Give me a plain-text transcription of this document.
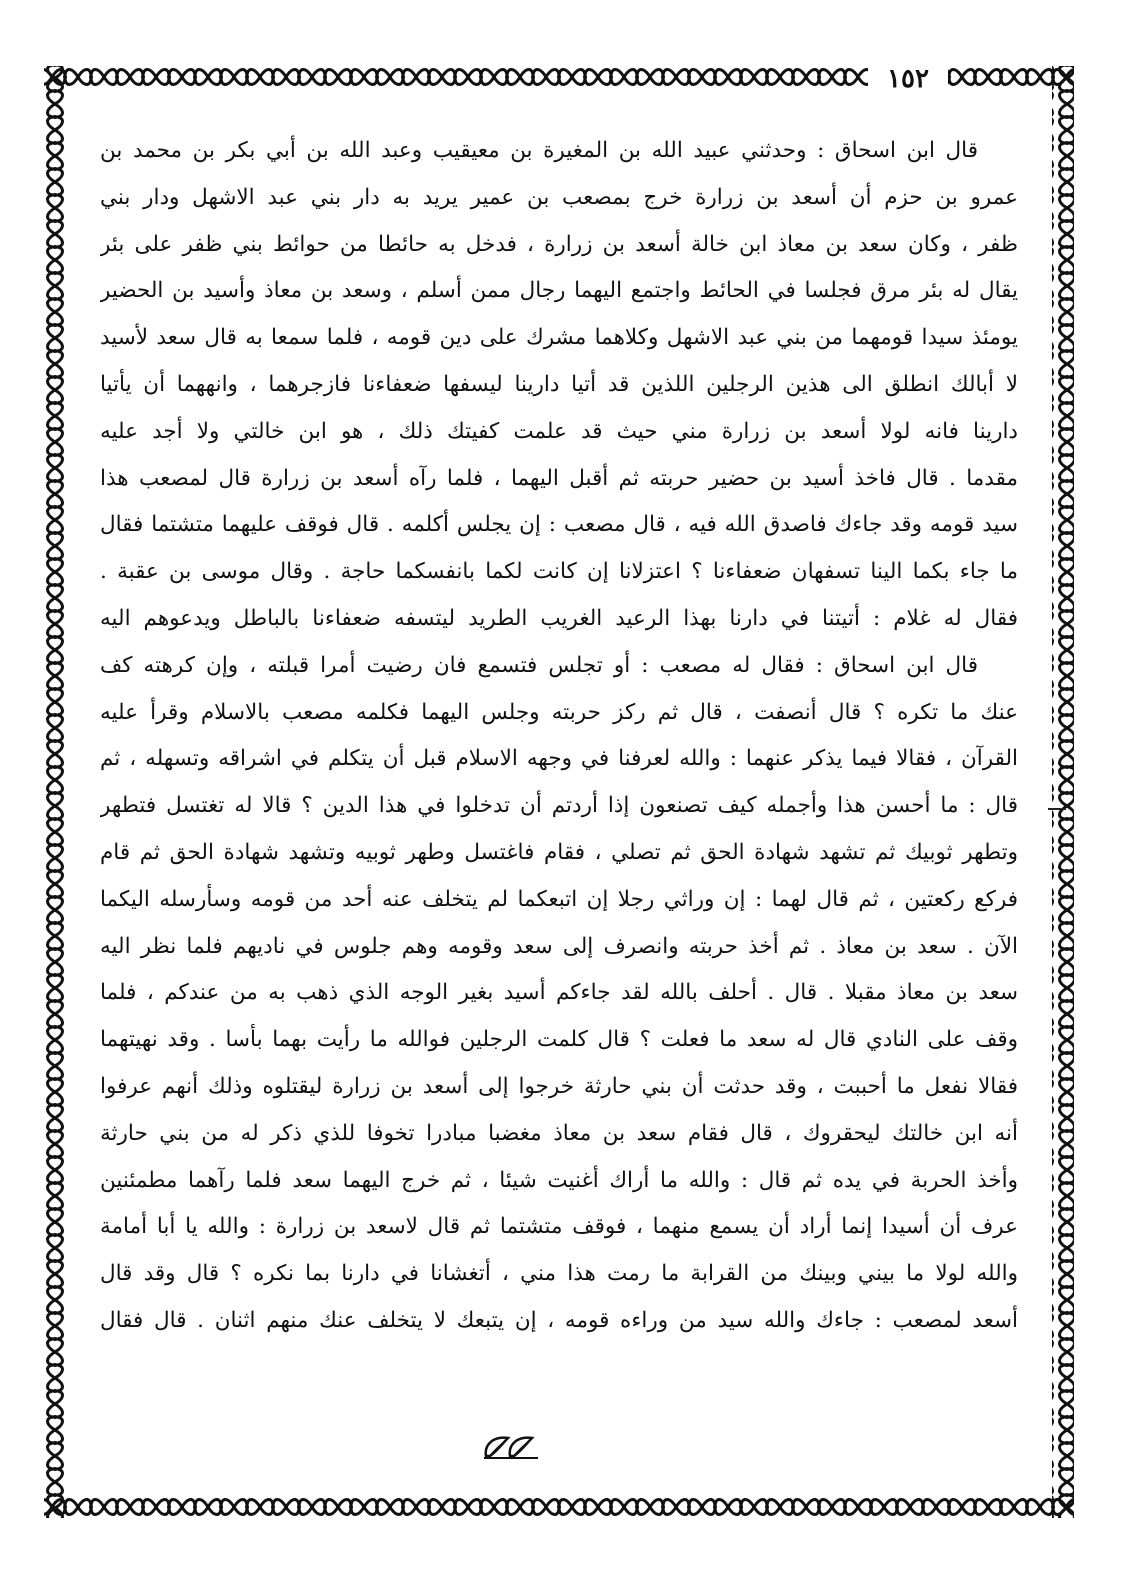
١٥٢
قال ابن اسحاق : وحدثني عبيد الله بن المغيرة بن معيقيب وعبد الله بن أبي بكر بن محمد بن
عمرو بن حزم أن أسعد بن زرارة خرج بمصعب بن عمير يريد به دار بني عبد الاشهل ودار بني
ظفر ، وكان سعد بن معاذ ابن خالة أسعد بن زرارة ، فدخل به حائطا من حوائط بني ظفر على بئر
يقال له بئر مرق فجلسا في الحائط واجتمع اليهما رجال ممن أسلم ، وسعد بن معاذ وأسيد بن الحضير
يومئذ سيدا قومهما من بني عبد الاشهل وكلاهما مشرك على دين قومه ، فلما سمعا به قال سعد لأسيد
لا أبالك انطلق الى هذين الرجلين اللذين قد أتيا دارينا ليسفها ضعفاءنا فازجرهما ، وانههما أن يأتيا
دارينا فانه لولا أسعد بن زرارة مني حيث قد علمت كفيتك ذلك ، هو ابن خالتي ولا أجد عليه
مقدما . قال فاخذ أسيد بن حضير حربته ثم أقبل اليهما ، فلما رآه أسعد بن زرارة قال لمصعب هذا
سيد قومه وقد جاءك فاصدق الله فيه ، قال مصعب : إن يجلس أكلمه . قال فوقف عليهما متشتما فقال
ما جاء بكما الينا تسفهان ضعفاءنا ؟ اعتزلانا إن كانت لكما بانفسكما حاجة . وقال موسى بن عقبة .
فقال له غلام : أتيتنا في دارنا بهذا الرعيد الغريب الطريد ليتسفه ضعفاءنا بالباطل ويدعوهم اليه
قال ابن اسحاق : فقال له مصعب : أو تجلس فتسمع فان رضيت أمرا قبلته ، وإن كرهته كف
عنك ما تكره ؟ قال أنصفت ، قال ثم ركز حربته وجلس اليهما فكلمه مصعب بالاسلام وقرأ عليه
القرآن ، فقالا فيما يذكر عنهما : والله لعرفنا في وجهه الاسلام قبل أن يتكلم في اشراقه وتسهله ، ثم
قال : ما أحسن هذا وأجمله كيف تصنعون إذا أردتم أن تدخلوا في هذا الدين ؟ قالا له تغتسل فتطهر
وتطهر ثوبيك ثم تشهد شهادة الحق ثم تصلي ، فقام فاغتسل وطهر ثوبيه وتشهد شهادة الحق ثم قام
فركع ركعتين ، ثم قال لهما : إن وراثي رجلا إن اتبعكما لم يتخلف عنه أحد من قومه وسأرسله اليكما
الآن . سعد بن معاذ . ثم أخذ حربته وانصرف إلى سعد وقومه وهم جلوس في ناديهم فلما نظر اليه
سعد بن معاذ مقبلا . قال . أحلف بالله لقد جاءكم أسيد بغير الوجه الذي ذهب به من عندكم ، فلما
وقف على النادي قال له سعد ما فعلت ؟ قال كلمت الرجلين فوالله ما رأيت بهما بأسا . وقد نهيتهما
فقالا نفعل ما أحببت ، وقد حدثت أن بني حارثة خرجوا إلى أسعد بن زرارة ليقتلوه وذلك أنهم عرفوا
أنه ابن خالتك ليحقروك ، قال فقام سعد بن معاذ مغضبا مبادرا تخوفا للذي ذكر له من بني حارثة
وأخذ الحربة في يده ثم قال : والله ما أراك أغنيت شيئا ، ثم خرج اليهما سعد فلما رآهما مطمئنين
عرف أن أسيدا إنما أراد أن يسمع منهما ، فوقف متشتما ثم قال لاسعد بن زرارة : والله يا أبا أمامة
والله لولا ما بيني وبينك من القرابة ما رمت هذا مني ، أتغشانا في دارنا بما نكره ؟ قال وقد قال
أسعد لمصعب : جاءك والله سيد من وراءه قومه ، إن يتبعك لا يتخلف عنك منهم اثنان . قال فقال
